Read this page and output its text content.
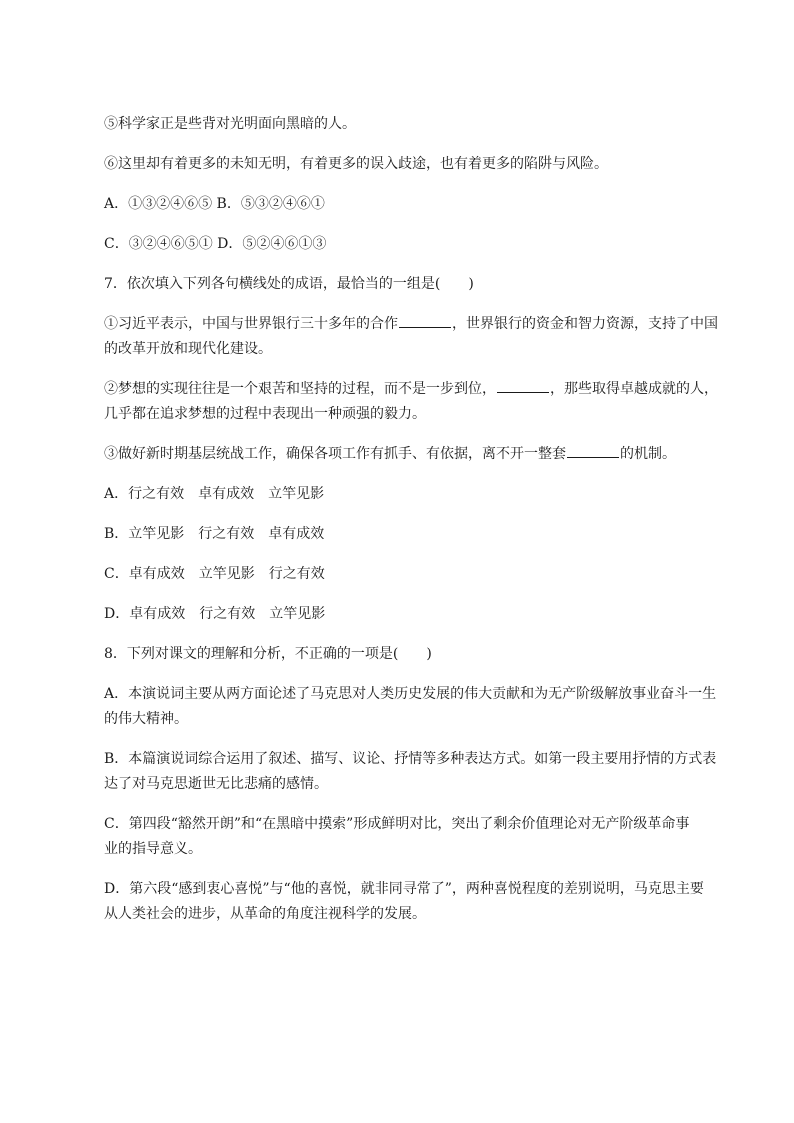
⑤科学家正是些背对光明面向黑暗的人。
⑥这里却有着更多的未知无明，有着更多的误入歧途，也有着更多的陷阱与风险。
A．①③②④⑥⑤ B．⑤③②④⑥①
C．③②④⑥⑤① D．⑤②④⑥①③
7．依次填入下列各句横线处的成语，最恰当的一组是(　　)
①习近平表示，中国与世界银行三十多年的合作	，世界银行的资金和智力资源，支持了中国
的改革开放和现代化建设。
②梦想的实现往往是一个艰苦和坚持的过程，而不是一步到位，	，那些取得卓越成就的人，
几乎都在追求梦想的过程中表现出一种顽强的毅力。
③做好新时期基层统战工作，确保各项工作有抓手、有依据，离不开一整套	的机制。
A．行之有效 卓有成效 立竿见影
B．立竿见影 行之有效 卓有成效
C．卓有成效 立竿见影 行之有效
D．卓有成效 行之有效 立竿见影
8．下列对课文的理解和分析，不正确的一项是(　　)
A．本演说词主要从两方面论述了马克思对人类历史发展的伟大贡献和为无产阶级解放事业奋斗一生
的伟大精神。
B．本篇演说词综合运用了叙述、描写、议论、抒情等多种表达方式。如第一段主要用抒情的方式表
达了对马克思逝世无比悲痛的感情。
C．第四段“豁然开朗”和“在黑暗中摸索”形成鲜明对比，突出了剩余价值理论对无产阶级革命事
业的指导意义。
D．第六段“感到衷心喜悦”与“他的喜悦，就非同寻常了”，两种喜悦程度的差别说明，马克思主要
从人类社会的进步，从革命的角度注视科学的发展。
